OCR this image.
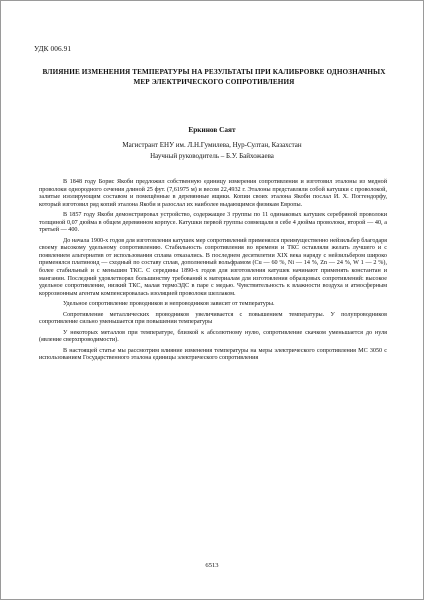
УДК 006.91
ВЛИЯНИЕ ИЗМЕНЕНИЯ ТЕМПЕРАТУРЫ НА РЕЗУЛЬТАТЫ ПРИ КАЛИБРОВКЕ ОДНОЗНАЧНЫХ МЕР ЭЛЕКТРИЧЕСКОГО СОПРОТИВЛЕНИЯ
Еркинов Саят
Магистрант ЕНУ им. Л.Н.Гумилева, Нур-Султан, Казахстан
Научный руководитель – Б.У. Байхожаева

В 1848 году Борис Якоби предложил собственную единицу измерения сопротивления и изготовил эталоны из медной проволоки однородного сечения длиной 25 фут. (7,61975 м) и весом 22,4932 г. Эталоны представляли собой катушки с проволокой, залитые изолирующим составом и помещённые в деревянные ящики. Копии своих эталона Якоби послал И. Х. Поггендорфу, который изготовил ряд копий эталона Якоби и разослал их наиболее выдающимся физикам Европы.

В 1857 году Якоби демонстрировал устройство, содержащее 3 группы по 11 одинаковых катушек серебряной проволоки толщиной 0,07 дюйма в общем деревянном корпусе. Катушки первой группы совмещали в себе 4 дюйма проволоки, второй — 40, а третьей — 400.

До начала 1900-х годов для изготовления катушек мер сопротивлений применялся преимущественно нейзильбер благодаря своему высокому удельному сопротивлению. Стабильность сопротивления во времени и ТКС оставляли желать лучшего и с появлением альтернатив от использования сплава отказались. В последнем десятилетии XIX века наряду с нейзильбером широко применялся платиноид — сходный по составу сплав, дополненный вольфрамом (Cu — 60 %, Ni — 14 %, Zn — 24 %, W 1 — 2 %), более стабильный и с меньшим ТКС. С середины 1890-х годов для изготовления катушек начинают применять константан и манганин. Последний удовлетворял большинству требований к материалам для изготовления образцовых сопротивлений: высокое удельное сопротивление, низкий ТКС, малая термоЭДС в паре с медью. Чувствительность к влажности воздуха и атмосферным коррозионным агентам компенсировалась изоляцией проволоки шеллаком.

Удельное сопротивление проводников и непроводников зависит от температуры.

Сопротивление металлических проводников увеличивается с повышением температуры. У полупроводников сопротивление сильно уменьшается при повышении температуры

У некоторых металлов при температуре, близкой к абсолютному нулю, сопротивление скачком уменьшается до нуля (явление сверхпроводимости).

В настоящей статье мы рассмотрим влияние изменения температуры на меры электрического сопротивления МС 3050 с использованием Государственного эталона единицы электрического сопротивления

6513
